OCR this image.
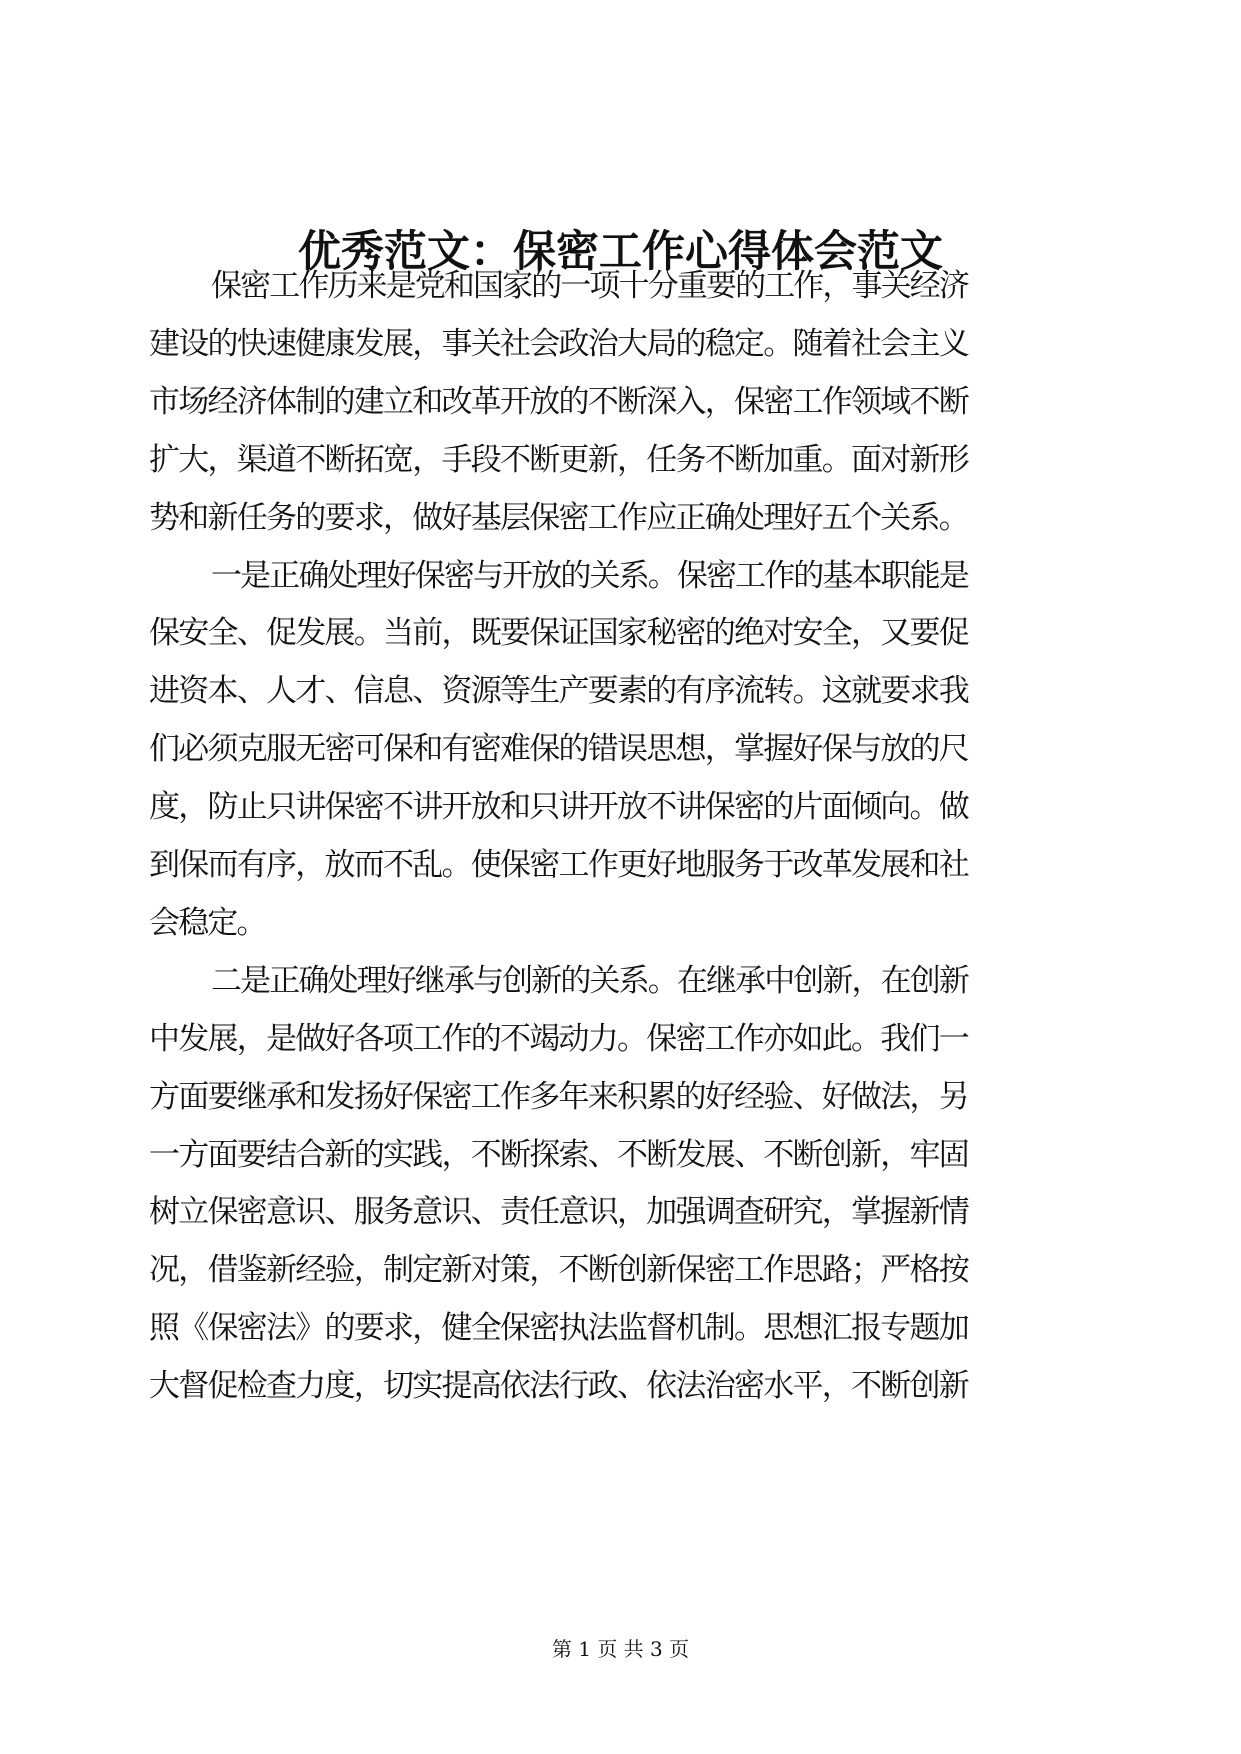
优秀范文：保密工作心得体会范文
保密工作历来是党和国家的一项十分重要的工作，事关经济
建设的快速健康发展，事关社会政治大局的稳定。随着社会主义
市场经济体制的建立和改革开放的不断深入，保密工作领域不断
扩大，渠道不断拓宽，手段不断更新，任务不断加重。面对新形
势和新任务的要求，做好基层保密工作应正确处理好五个关系。
一是正确处理好保密与开放的关系。保密工作的基本职能是
保安全、促发展。当前，既要保证国家秘密的绝对安全，又要促
进资本、人才、信息、资源等生产要素的有序流转。这就要求我
们必须克服无密可保和有密难保的错误思想，掌握好保与放的尺
度，防止只讲保密不讲开放和只讲开放不讲保密的片面倾向。做
到保而有序，放而不乱。使保密工作更好地服务于改革发展和社
会稳定。
二是正确处理好继承与创新的关系。在继承中创新，在创新
中发展，是做好各项工作的不竭动力。保密工作亦如此。我们一
方面要继承和发扬好保密工作多年来积累的好经验、好做法，另
一方面要结合新的实践，不断探索、不断发展、不断创新，牢固
树立保密意识、服务意识、责任意识，加强调查研究，掌握新情
况，借鉴新经验，制定新对策，不断创新保密工作思路；严格按
照《保密法》的要求，健全保密执法监督机制。思想汇报专题加
大督促检查力度，切实提高依法行政、依法治密水平，不断创新
第 1 页 共 3 页
